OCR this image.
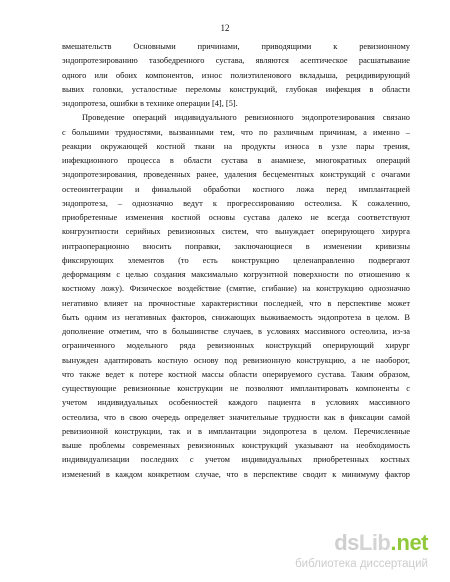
12
вмешательств Основными причинами, приводящими к ревизионному
эндопротезированию тазобедренного сустава, являются асептическое расшатывание
одного или обоих компонентов, износ полиэтиленового вкладыша, рецидивирующий
вывих головки, усталостные переломы конструкций, глубокая инфекция в области
эндопротеза, ошибки в технике операции [4], [5].
Проведение операций индивидуального ревизионного эндопротезирования связано
с большими трудностями, вызванными тем, что по различным причинам, а именно –
реакции окружающей костной ткани на продукты износа в узле пары трения,
инфекционного процесса в области сустава в анамнезе, многократных операций
эндопротезирования, проведенных ранее, удаления бесцементных конструкций с очагами
остеоинтеграции и финальной обработки костного ложа перед имплантацией
эндопротеза, – однозначно ведут к прогрессированию остеолиза. К сожалению,
приобретенные изменения костной основы сустава далеко не всегда соответствуют
конгруэнтности серийных ревизионных систем, что вынуждает оперирующего хирурга
интраоперационно вносить поправки, заключающиеся в изменении кривизны
фиксирующих элементов (то есть конструкцию целенаправленно подвергают
деформациям с целью создания максимально когруэнтной поверхности по отношению к
костному ложу). Физическое воздействие (смятие, сгибание) на конструкцию однозначно
негативно влияет на прочностные характеристики последней, что в перспективе может
быть одним из негативных факторов, снижающих выживаемость эндопротеза в целом. В
дополнение отметим, что в большинстве случаев, в условиях массивного остеолиза, из-за
ограниченного модельного ряда ревизионных конструкций оперирующий хирург
вынужден адаптировать костную основу под ревизионную конструкцию, а не наоборот,
что также ведет к потере костной массы области оперируемого сустава. Таким образом,
существующие ревизионные конструкции не позволяют имплантировать компоненты с
учетом индивидуальных особенностей каждого пациента в условиях массивного
остеолиза, что в свою очередь определяет значительные трудности как в фиксации самой
ревизионной конструкции, так и в имплантации эндопротеза в целом. Перечисленные
выше проблемы современных ревизионных конструкций указывают на необходимость
индивидуализации последних с учетом индивидуальных приобретенных костных
изменений в каждом конкретном случае, что в перспективе сводит к минимуму фактор
ds Lib . net
библиотека диссертаций
